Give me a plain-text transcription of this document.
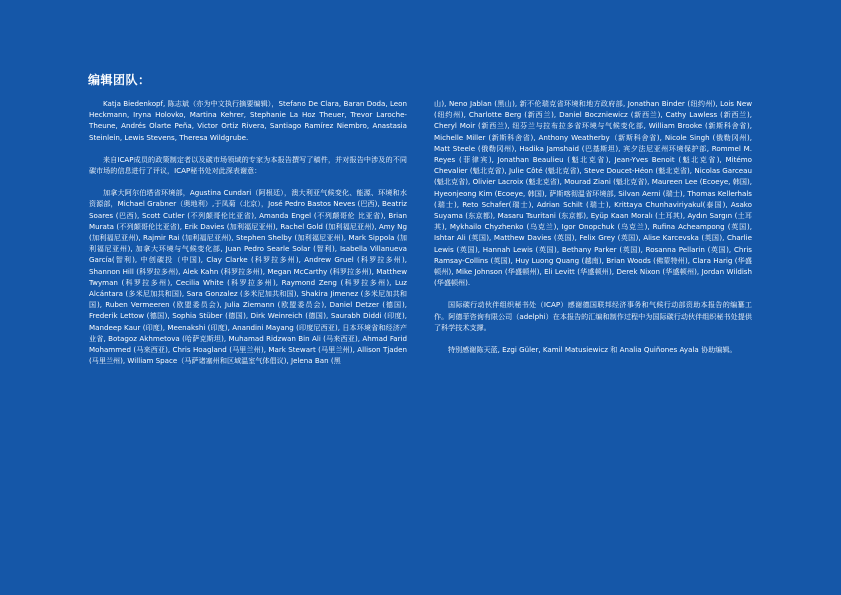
编辑团队：

Katja Biedenkopf, 陈志斌（亦为中文执行摘要编辑），Stefano De Clara, Baran Doda, Leon Heckmann, Iryna Holovko, Martina Kehrer, Stephanie La Hoz Theuer, Trevor Laroche-Theune, Andrés Olarte Peña, Victor Ortiz Rivera, Santiago Ramírez Niembro, Anastasia Steinlein, Lewis Stevens, Theresa Wildgrube.

来自ICAP成员的政策制定者以及碳市场领域的专家为本报告撰写了稿件，并对报告中涉及的不同碳市场的信息进行了评议，ICAP秘书处对此深表谢意：

加拿大阿尔伯塔省环境部，Agustina Cundari（阿根廷），澳大利亚气候变化、能源、环境和水资源部，Michael Grabner（奥地利）,于凤菊（北京），José Pedro Bastos Neves (巴西), Beatriz Soares (巴西), Scott Cutler (不列颠哥伦比亚省), Amanda Engel (不列颠哥伦 比亚省), Brian Murata (不列颠哥伦比亚省), Erik Davies (加利福尼亚州), Rachel Gold (加利福尼亚州), Amy Ng (加利福尼亚州), Rajmir Rai (加利福尼亚州), Stephen Shelby (加利福尼亚州), Mark Sippola (加利福尼亚州), 加拿大环境与气候变化部, Juan Pedro Searle Solar (智利), Isabella Villanueva García(智利), 中创碳投（中国), Clay Clarke (科罗拉多州), Andrew Gruel (科罗拉多州), Shannon Hill (科罗拉多州), Alek Kahn (科罗拉多州), Megan McCarthy (科罗拉多州), Matthew Twyman (科罗拉多州), Cecilia White (科罗拉多州), Raymond Zeng (科罗拉多州), Luz Alcántara (多米尼加共和国), Sara Gonzalez (多米尼加共和国), Shakira Jimenez (多米尼加共和国), Ruben Vermeeren (欧盟委员会), Julia Ziemann (欧盟委员会), Daniel Detzer (德国), Frederik Lettow (德国), Sophia Stüber (德国), Dirk Weinreich (德国), Saurabh Diddi (印度), Mandeep Kaur (印度), Meenakshi (印度), Anandini Mayang (印度尼西亚), 日本环境省和经济产业省, Botagoz Akhmetova (哈萨克斯坦), Muhamad Ridzwan Bin Ali (马来西亚), Ahmad Farid Mohammed (马来西亚), Chris Hoagland (马里兰州), Mark Stewart (马里兰州), Allison Tjaden (马里兰州), William Space（马萨诸塞州和区域温室气体倡议), Jelena Ban (黑

山), Neno Jablan (黑山), 新不伦瑞克省环境和地方政府部, Jonathan Binder (纽约州), Lois New (纽约州), Charlotte Berg (新西兰), Daniel Boczniewicz (新西兰), Cathy Lawless (新西兰), Cheryl Moir (新西兰), 纽芬兰与拉布拉多省环境与气候变化部, William Brooke (新斯科舍省), Michelle Miller (新斯科舍省), Anthony Weatherby（新斯科舍省), Nicole Singh (俄勒冈州), Matt Steele (俄勒冈州), Hadika Jamshaid (巴基斯坦), 宾夕法尼亚州环境保护部, Rommel M. Reyes (菲律宾), Jonathan Beaulieu (魁北克省), Jean-Yves Benoit (魁北克省), Mitémo Chevalier (魁北克省), Julie Côté (魁北克省), Steve Doucet-Héon (魁北克省), Nicolas Garceau (魁北克省), Olivier Lacroix (魁北克省), Mourad Ziani (魁北克省), Maureen Lee (Ecoeye, 韩国), Hyeonjeong Kim (Ecoeye, 韩国), 萨斯喀彻温省环境部, Silvan Aerni (瑞士), Thomas Kellerhals (瑞士), Reto Schafer(瑞士), Adrian Schilt (瑞士), Krittaya Chunhaviriyakul(泰国), Asako Suyama (东京都), Masaru Tsuritani (东京都), Eyüp Kaan Moralı (土耳其), Aydın Sargın (土耳其), Mykhailo Chyzhenko (乌克兰), Igor Onopchuk (乌克兰), Rufina Acheampong (英国), Ishtar Ali (英国), Matthew Davies (英国), Felix Grey (英国), Alise Karcevska (英国), Charlie Lewis (英国), Hannah Lewis (英国), Bethany Parker (英国), Rosanna Pellarin (英国), Chris Ramsay-Collins (英国), Huy Luong Quang (越南), Brian Woods (佛蒙特州), Clara Harig (华盛顿州), Mike Johnson (华盛顿州), Eli Levitt (华盛顿州), Derek Nixon (华盛顿州), Jordan Wildish (华盛顿州).

国际碳行动伙伴组织秘书处（ICAP）感谢德国联邦经济事务和气候行动部资助本报告的编纂工作。阿德菲咨询有限公司（adelphi）在本报告的汇编和制作过程中为国际碳行动伙伴组织秘书处提供了科学技术支撑。

特别感谢陈天蓝, Ezgi Güler, Kamil Matusiewicz 和 Analia Quiñones Ayala 协助编辑。
